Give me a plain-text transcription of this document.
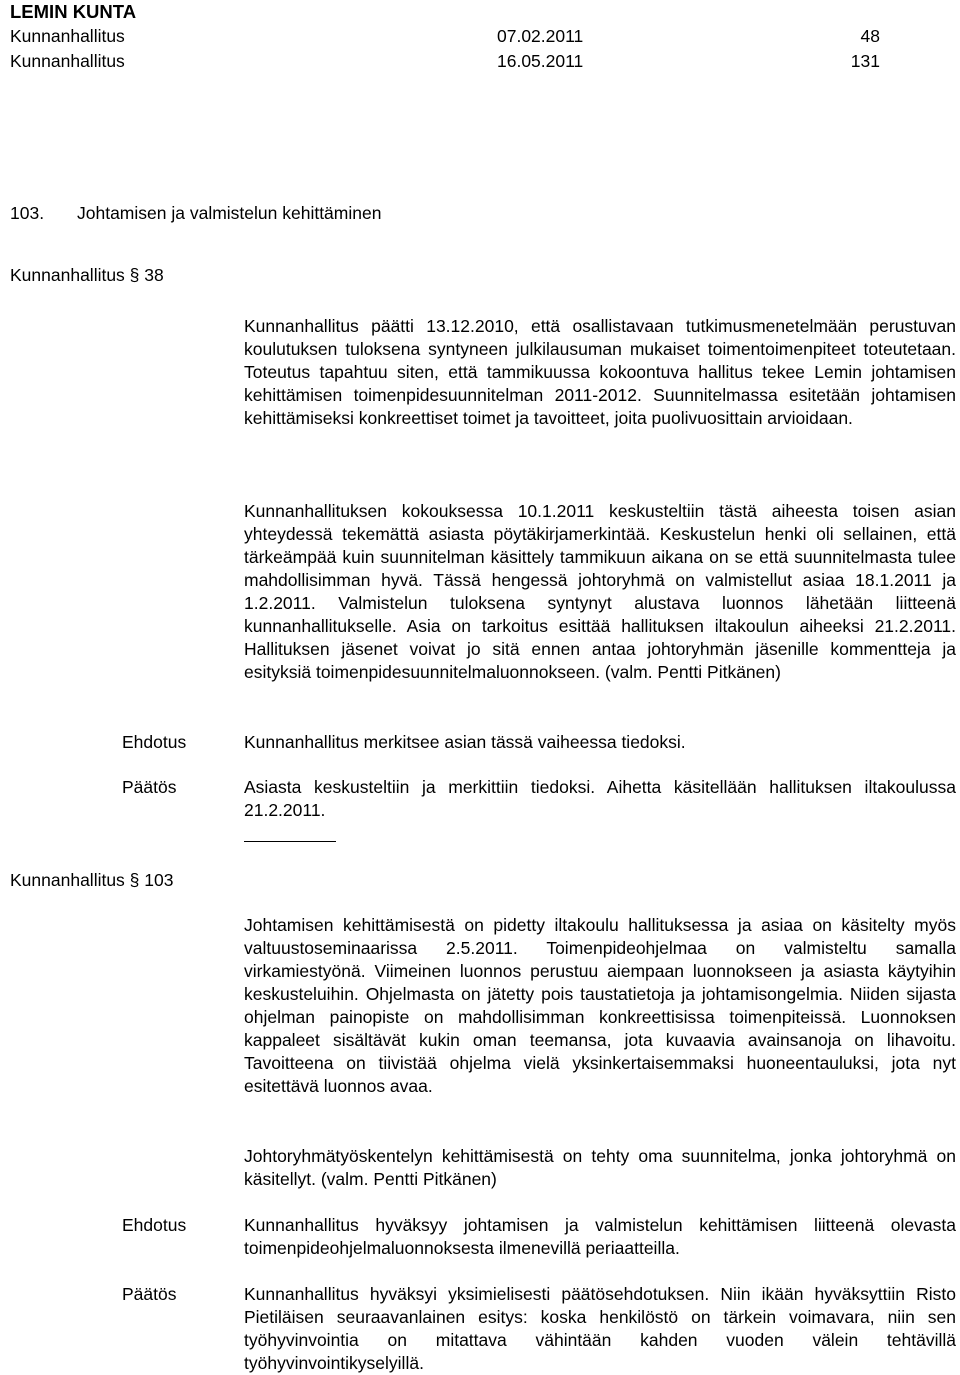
LEMIN KUNTA
Kunnanhallitus	07.02.2011	48
Kunnanhallitus	16.05.2011	131
103. Johtamisen ja valmistelun kehittäminen
Kunnanhallitus § 38

Kunnanhallitus päätti 13.12.2010, että osallistavaan tutkimusmenetelmään perustuvan koulutuksen tuloksena syntyneen julkilausuman mukaiset toimentoimenpiteet toteutetaan. Toteutus tapahtuu siten, että tammikuussa kokoontuva hallitus tekee Lemin johtamisen kehittämisen toimenpidesuunnitelman 2011-2012. Suunnitelmassa esitetään johtamisen kehittämiseksi konkreettiset toimet ja tavoitteet, joita puolivuosittain arvioidaan.

Kunnanhallituksen kokouksessa 10.1.2011 keskusteltiin tästä aiheesta toisen asian yhteydessä tekemättä asiasta pöytäkirjamerkintää. Keskustelun henki oli sellainen, että tärkeämpää kuin suunnitelman käsittely tammikuun aikana on se että suunnitelmasta tulee mahdollisimman hyvä. Tässä hengessä johtoryhmä on valmistellut asiaa 18.1.2011 ja 1.2.2011. Valmistelun tuloksena syntynyt alustava luonnos lähetään liitteenä kunnanhallitukselle. Asia on tarkoitus esittää hallituksen iltakoulun aiheeksi 21.2.2011. Hallituksen jäsenet voivat jo sitä ennen antaa johtoryhmän jäsenille kommentteja ja esityksiä toimenpidesuunnitelmaluonnokseen. (valm. Pentti Pitkänen)

Ehdotus	Kunnanhallitus merkitsee asian tässä vaiheessa tiedoksi.

Päätös	Asiasta keskusteltiin ja merkittiin tiedoksi. Aihetta käsitellään hallituksen iltakoulussa 21.2.2011.

Kunnanhallitus § 103

Johtamisen kehittämisestä on pidetty iltakoulu hallituksessa ja asiaa on käsitelty myös valtuustoseminaarissa 2.5.2011. Toimenpideohjelmaa on valmisteltu samalla virkamiestyönä. Viimeinen luonnos perustuu aiempaan luonnokseen ja asiasta käytyihin keskusteluihin. Ohjelmasta on jätetty pois taustatietoja ja johtamisongelmia. Niiden sijasta ohjelman painopiste on mahdollisimman konkreettisissa toimenpiteissä. Luonnoksen kappaleet sisältävät kukin oman teemansa, jota kuvaavia avainsanoja on lihavoitu. Tavoitteena on tiivistää ohjelma vielä yksinkertaisemmaksi huoneentauluksi, jota nyt esitettävä luonnos avaa.

Johtoryhmätyöskentelyn kehittämisestä on tehty oma suunnitelma, jonka johtoryhmä on käsitellyt. (valm. Pentti Pitkänen)

Ehdotus	Kunnanhallitus hyväksyy johtamisen ja valmistelun kehittämisen liitteenä olevasta toimenpideohjelmaluonnoksesta ilmenevillä periaatteilla.

Päätös	Kunnanhallitus hyväksyi yksimielisesti päätösehdotuksen. Niin ikään hyväksyttiin Risto Pietiläisen seuraavanlainen esitys: koska henkilöstö on tärkein voimavara, niin sen työhyvinvointia on mitattava vähintään kahden vuoden välein tehtävillä työhyvinvointikyselyillä.
